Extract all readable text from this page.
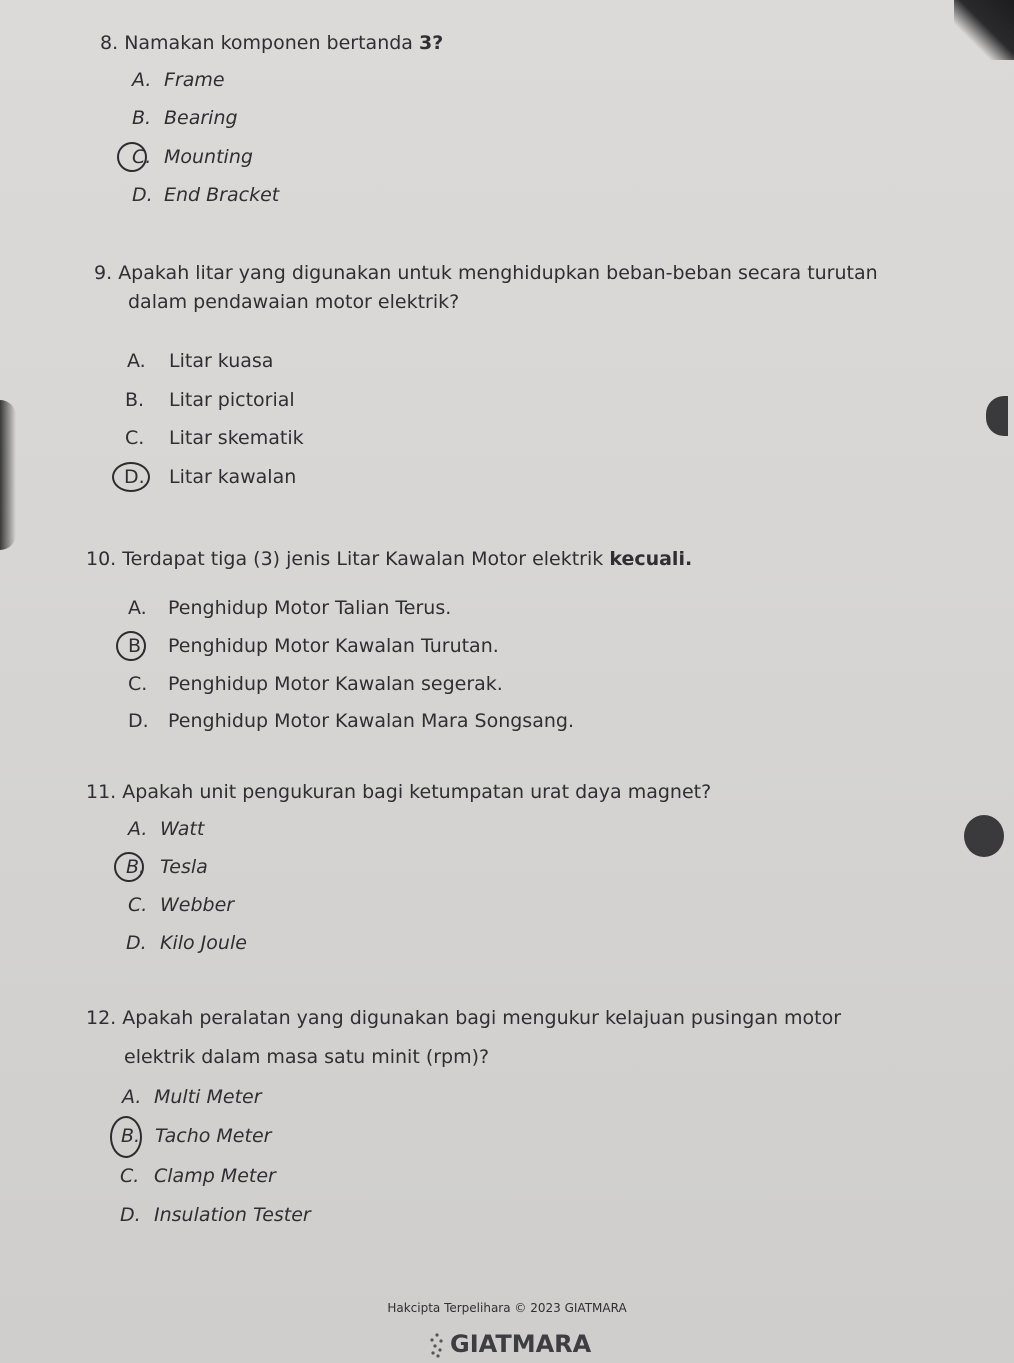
8. Namakan komponen bertanda 3?
A. Frame
B. Bearing
C. Mounting
D. End Bracket
9. Apakah litar yang digunakan untuk menghidupkan beban-beban secara turutan
dalam pendawaian motor elektrik?
A. Litar kuasa
B. Litar pictorial
C. Litar skematik
D. Litar kawalan
10. Terdapat tiga (3) jenis Litar Kawalan Motor elektrik kecuali.
A. Penghidup Motor Talian Terus.
B. Penghidup Motor Kawalan Turutan.
C. Penghidup Motor Kawalan segerak.
D. Penghidup Motor Kawalan Mara Songsang.
11. Apakah unit pengukuran bagi ketumpatan urat daya magnet?
A. Watt
B. Tesla
C. Webber
D. Kilo Joule
12. Apakah peralatan yang digunakan bagi mengukur kelajuan pusingan motor
elektrik dalam masa satu minit (rpm)?
A. Multi Meter
B. Tacho Meter
C. Clamp Meter
D. Insulation Tester
Hakcipta Terpelihara © 2023 GIATMARA
GIATMARA
